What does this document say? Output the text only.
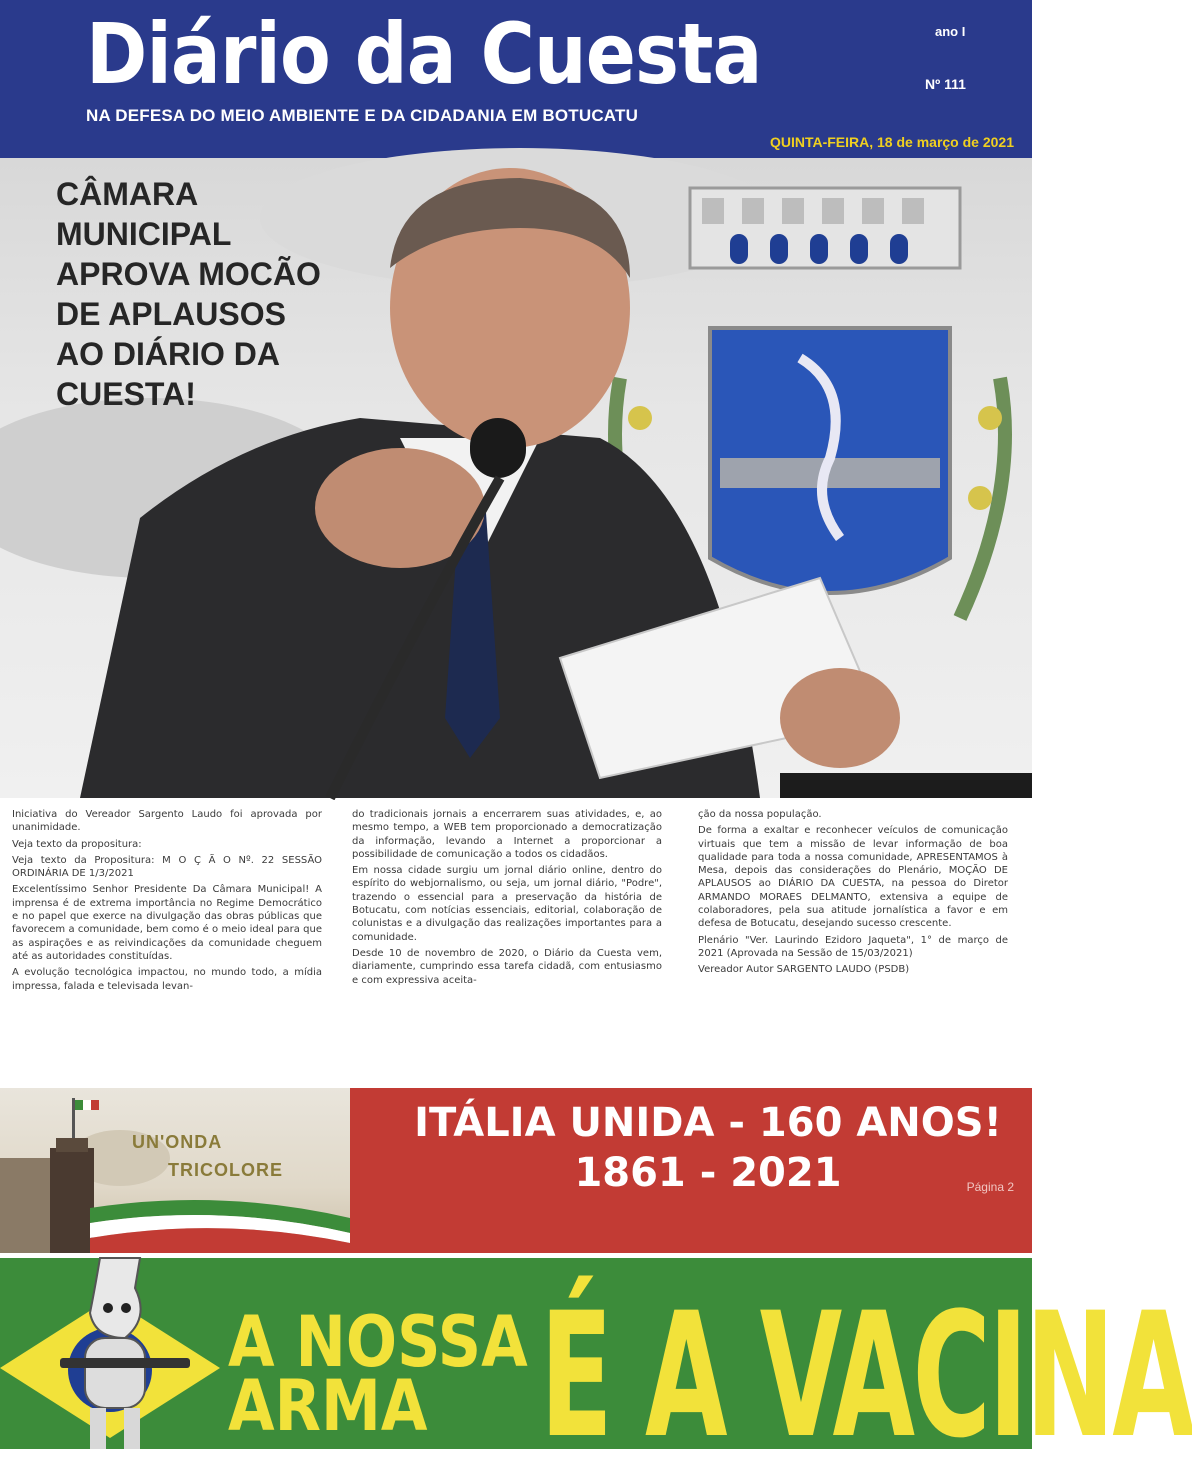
Diário da Cuesta
NA DEFESA DO MEIO AMBIENTE E DA CIDADANIA EM BOTUCATU
ano I
Nº 111
QUINTA-FEIRA, 18 de março de 2021
CÂMARA
MUNICIPAL
APROVA MOCÃO
DE APLAUSOS
AO DIÁRIO DA
CUESTA!

Iniciativa do Vereador Sargento Laudo foi aprovada por unanimidade.

Veja texto da propositura:

Veja texto da Propositura: M O Ç Ã O Nº. 22 SESSÃO ORDINÁRIA DE 1/3/2021

Excelentíssimo Senhor Presidente Da Câmara Municipal! A imprensa é de extrema importância no Regime Democrático e no papel que exerce na divulgação das obras públicas que favorecem a comunidade, bem como é o meio ideal para que as aspirações e as reivindicações da comunidade cheguem até as autoridades constituídas.

A evolução tecnológica impactou, no mundo todo, a mídia impressa, falada e televisada levan-

do tradicionais jornais a encerrarem suas atividades, e, ao mesmo tempo, a WEB tem proporcionado a democratização da informação, levando a Internet a proporcionar a possibilidade de comunicação a todos os cidadãos.

Em nossa cidade surgiu um jornal diário online, dentro do espírito do webjornalismo, ou seja, um jornal diário, "Podre", trazendo o essencial para a preservação da história de Botucatu, com notícias essenciais, editorial, colaboração de colunistas e a divulgação das realizações importantes para a comunidade.

Desde 10 de novembro de 2020, o Diário da Cuesta vem, diariamente, cumprindo essa tarefa cidadã, com entusiasmo e com expressiva aceita-

ção da nossa população.

De forma a exaltar e reconhecer veículos de comunicação virtuais que tem a missão de levar informação de boa qualidade para toda a nossa comunidade, APRESENTAMOS à Mesa, depois das considerações do Plenário, MOÇÃO DE APLAUSOS ao DIÁRIO DA CUESTA, na pessoa do Diretor ARMANDO MORAES DELMANTO, extensiva a equipe de colaboradores, pela sua atitude jornalística a favor e em defesa de Botucatu, desejando sucesso crescente.

Plenário "Ver. Laurindo Ezidoro Jaqueta", 1° de março de 2021 (Aprovada na Sessão de 15/03/2021)

Vereador Autor SARGENTO LAUDO (PSDB)

UN'ONDA
TRICOLORE
ITÁLIA UNIDA - 160 ANOS!
1861 - 2021	Página 2
A NOSSA
ARMA É A VACINA
